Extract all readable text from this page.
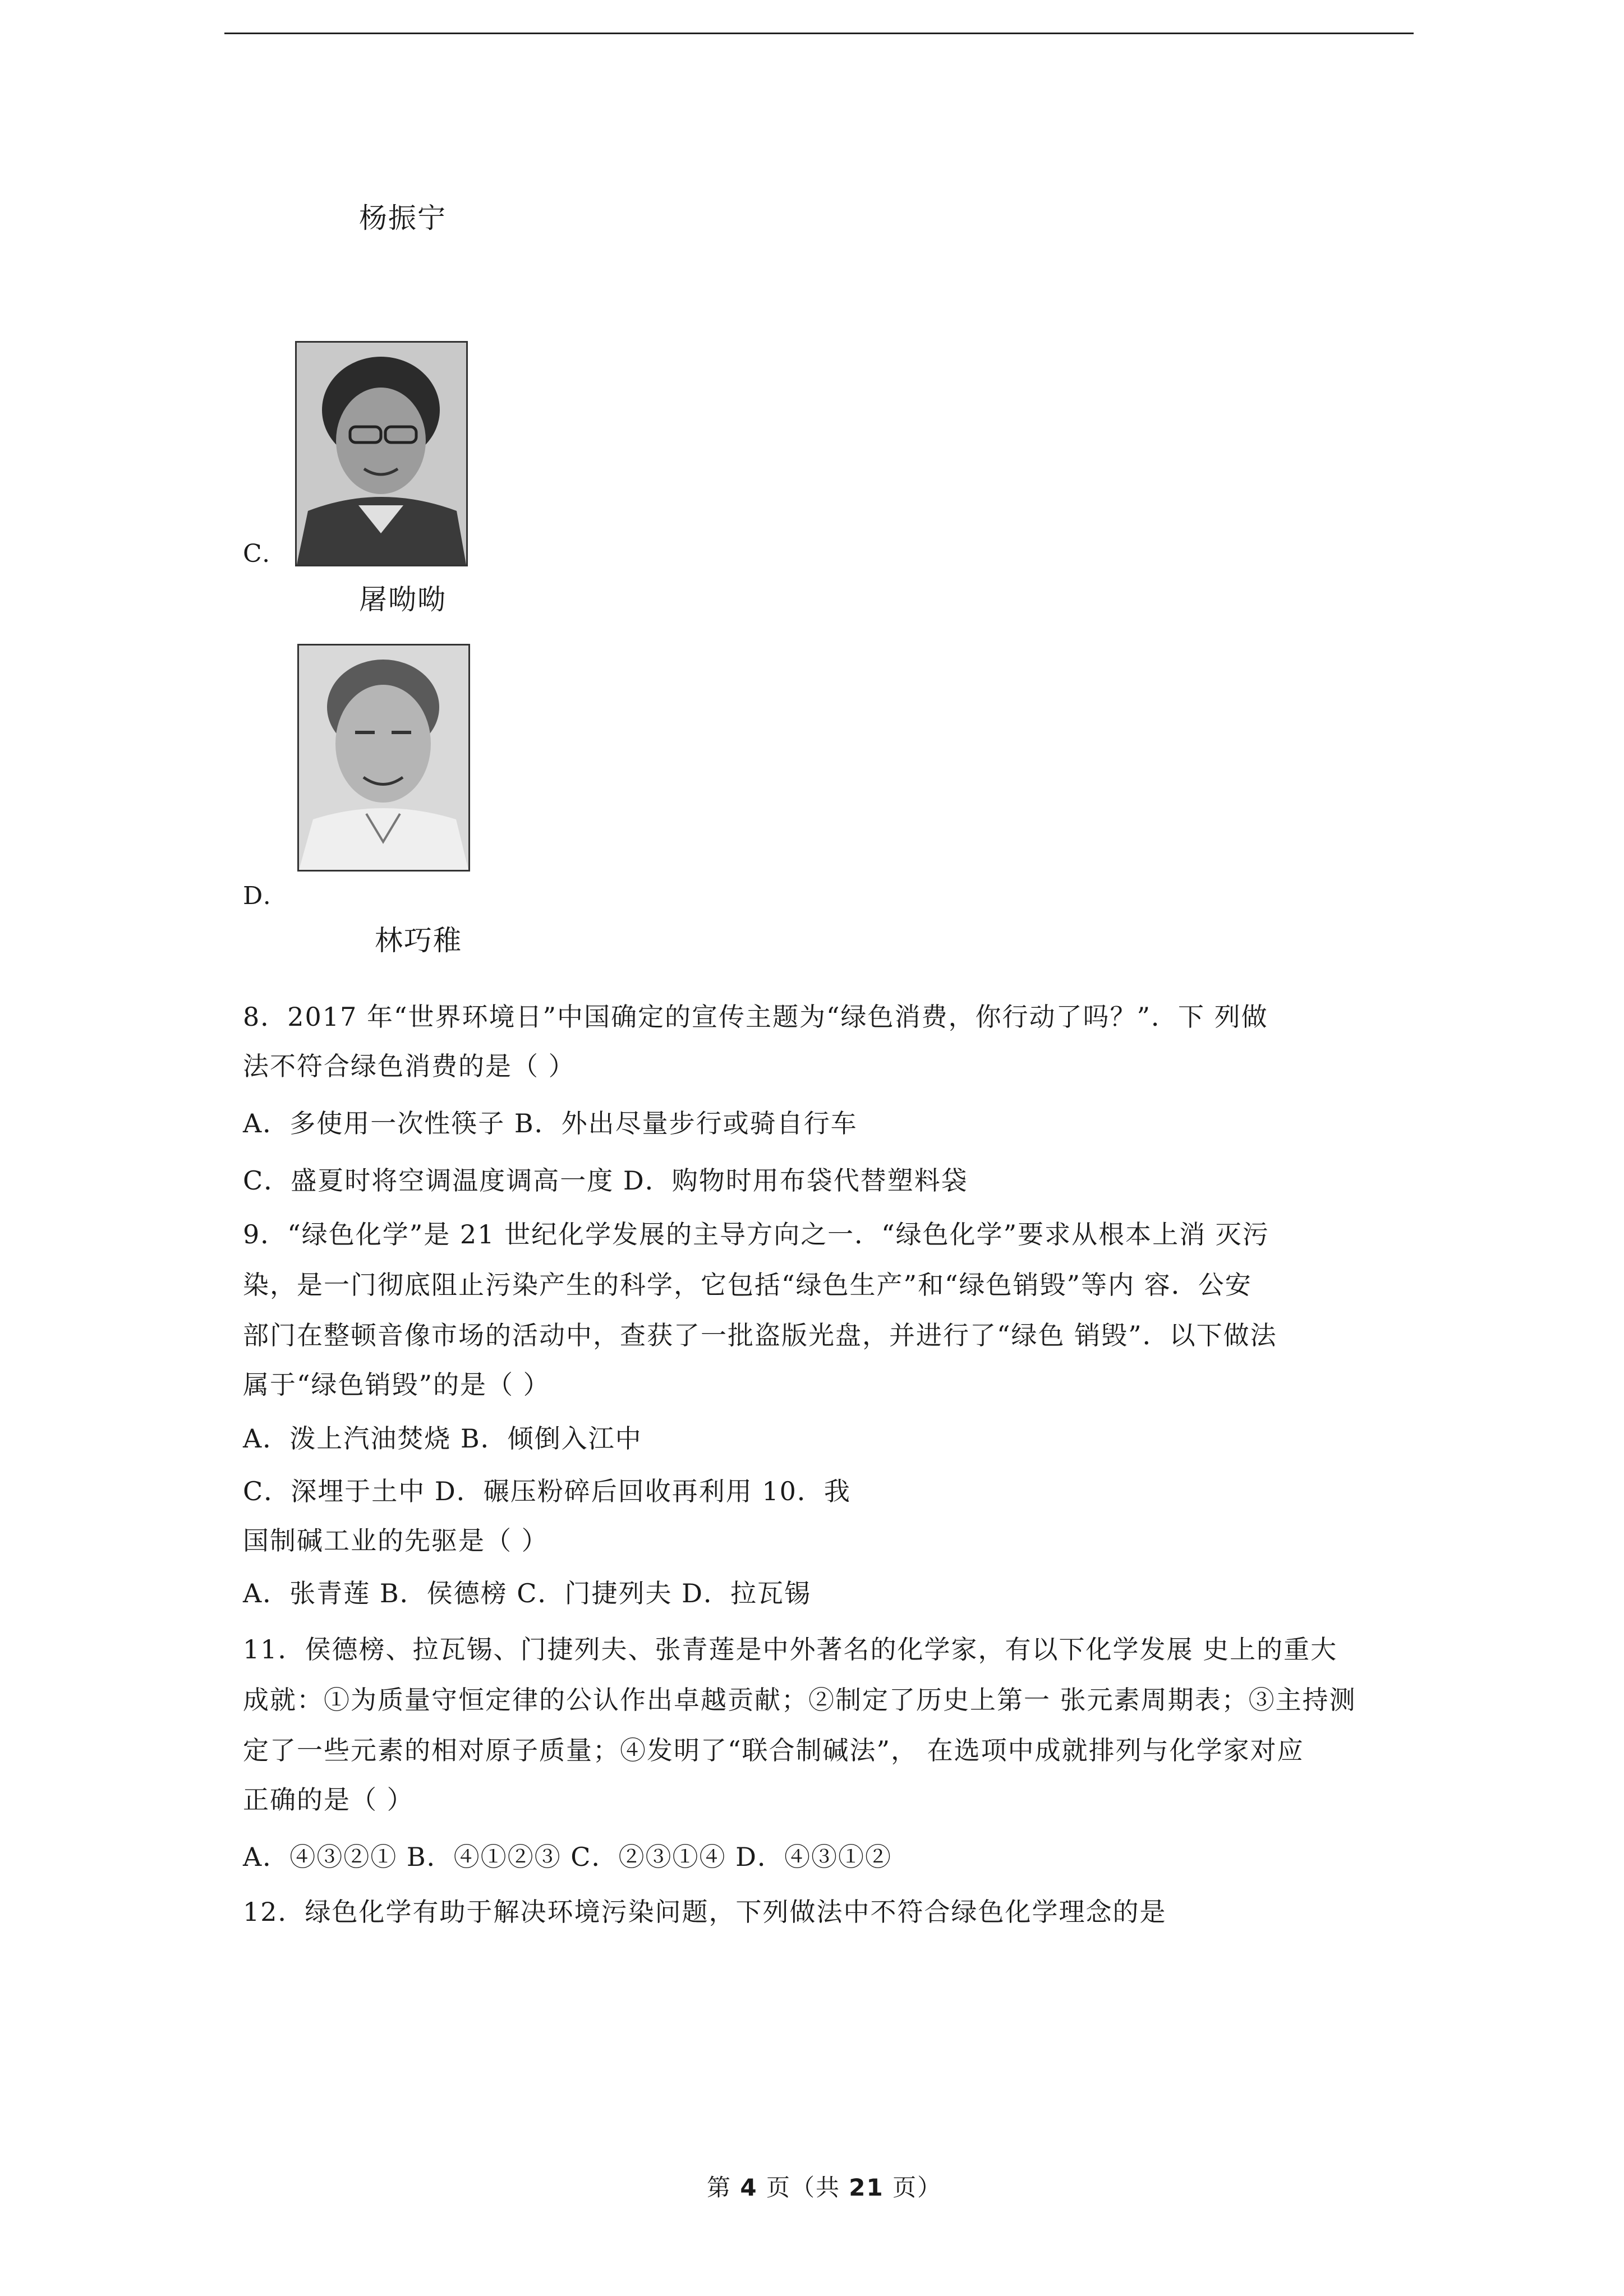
杨振宁
C.
屠呦呦
D.
林巧稚
8．2017 年“世界环境日”中国确定的宣传主题为“绿色消费，你行动了吗？”．下 列做
法不符合绿色消费的是（ ）
A．多使用一次性筷子 B．外出尽量步行或骑自行车
C．盛夏时将空调温度调高一度 D．购物时用布袋代替塑料袋
9．“绿色化学”是 21 世纪化学发展的主导方向之一．“绿色化学”要求从根本上消 灭污
染，是一门彻底阻止污染产生的科学，它包括“绿色生产”和“绿色销毁”等内 容．公安
部门在整顿音像市场的活动中，查获了一批盗版光盘，并进行了“绿色 销毁”．以下做法
属于“绿色销毁”的是（ ）
A．泼上汽油焚烧 B．倾倒入江中
C．深埋于土中 D．碾压粉碎后回收再利用 10．我
国制碱工业的先驱是（ ）
A．张青莲 B．侯德榜 C．门捷列夫 D．拉瓦锡
11．侯德榜、拉瓦锡、门捷列夫、张青莲是中外著名的化学家，有以下化学发展 史上的重大
成就：①为质量守恒定律的公认作出卓越贡献；②制定了历史上第一 张元素周期表；③主持测
定了一些元素的相对原子质量；④发明了“联合制碱法”， 在选项中成就排列与化学家对应
正确的是（ ）
A．④③②① B．④①②③ C．②③①④ D．④③①②
12．绿色化学有助于解决环境污染问题，下列做法中不符合绿色化学理念的是
第 4 页（共 21 页）
